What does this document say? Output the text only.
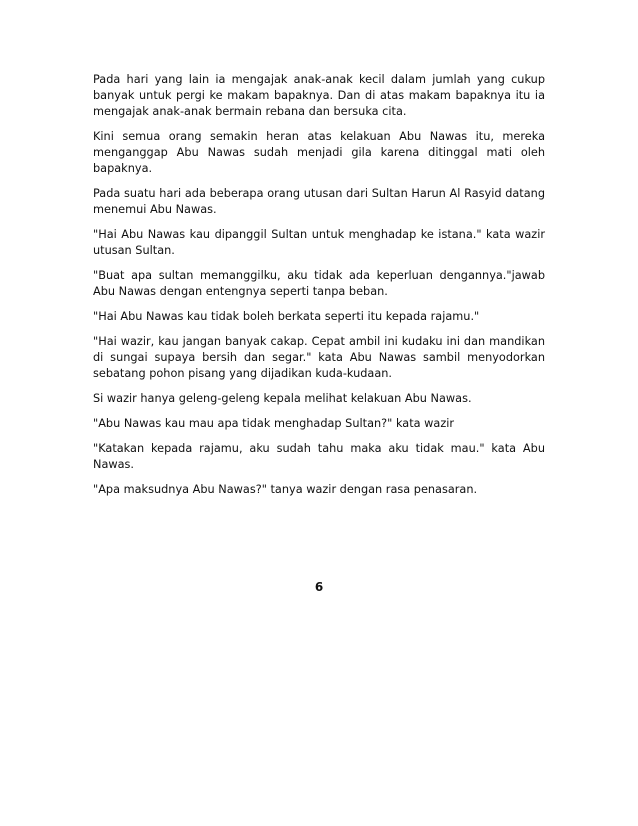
Pada hari yang lain ia mengajak anak-anak kecil dalam jumlah yang cukup banyak untuk pergi ke makam bapaknya. Dan di atas makam bapaknya itu ia mengajak anak-anak bermain rebana dan bersuka cita.

Kini semua orang semakin heran atas kelakuan Abu Nawas itu, mereka menganggap Abu Nawas sudah menjadi gila karena ditinggal mati oleh bapaknya.

Pada suatu hari ada beberapa orang utusan dari Sultan Harun Al Rasyid datang menemui Abu Nawas.

"Hai Abu Nawas kau dipanggil Sultan untuk menghadap ke istana." kata wazir utusan Sultan.

"Buat apa sultan memanggilku, aku tidak ada keperluan dengannya."jawab Abu Nawas dengan entengnya seperti tanpa beban.

"Hai Abu Nawas kau tidak boleh berkata seperti itu kepada rajamu."

"Hai wazir, kau jangan banyak cakap. Cepat ambil ini kudaku ini dan mandikan di sungai supaya bersih dan segar." kata Abu Nawas sambil menyodorkan sebatang pohon pisang yang dijadikan kuda-kudaan.

Si wazir hanya geleng-geleng kepala melihat kelakuan Abu Nawas.

"Abu Nawas kau mau apa tidak menghadap Sultan?" kata wazir

"Katakan kepada rajamu, aku sudah tahu maka aku tidak mau." kata Abu Nawas.

"Apa maksudnya Abu Nawas?" tanya wazir dengan rasa penasaran.

6
